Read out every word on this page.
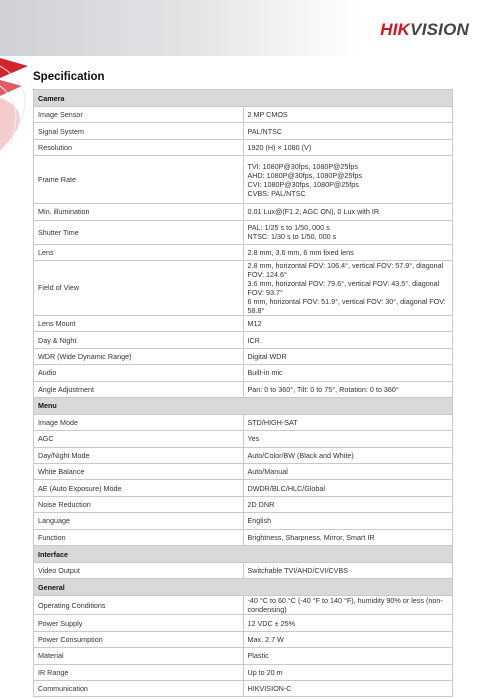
HIKVISION
Specification
Camera	
Image Sensor	2 MP CMOS

Signal System	PAL/NTSC

Resolution	1920 (H) × 1080 (V)

Frame Rate	TVI: 1080P@30fps, 1080P@25fps
AHD: 1080P@30fps, 1080P@25fps
CVI: 1080P@30fps, 1080P@25fps
CVBS: PAL/NTSC

Min. illumination	0.01 Lux@(F1.2, AGC ON), 0 Lux with IR

Shutter Time	PAL: 1/25 s to 1/50, 000 s
NTSC: 1/30 s to 1/50, 000 s

Lens	2.8 mm, 3.6 mm, 6 mm fixed lens

Field of View	2.8 mm, horizontal FOV: 106.4°, vertical FOV: 57.9°, diagonal FOV: 124.6°
3.6 mm, horizontal FOV: 79.6°, vertical FOV: 43.5°, diagonal FOV: 93.7°
6 mm, horizontal FOV: 51.9°, vertical FOV: 30°, diagonal FOV: 58.8°

Lens Mount	M12

Day & Night	ICR

WDR (Wide Dynamic Range)	Digital WDR

Audio	Built-in mic

Angle Adjustment	Pan: 0 to 360°, Tilt: 0 to 75°, Rotation: 0 to 360°

Menu	
Image Mode	STD/HIGH-SAT

AGC	Yes

Day/Night Mode	Auto/Color/BW (Black and White)

White Balance	Auto/Manual

AE (Auto Exposure) Mode	DWDR/BLC/HLC/Global

Noise Reduction	2D DNR

Language	English

Function	Brightness, Sharpness, Mirror, Smart IR

Interface	
Video Output	Switchable TVI/AHD/CVI/CVBS

General	
Operating Conditions	-40 °C to 60 °C (-40 °F to 140 °F), humidity 90% or less (non-condensing)

Power Supply	12 VDC ± 25%

Power Consumption	Max. 2.7 W

Material	Plastic

IR Range	Up to 20 m

Communication	HIKVISION-C
